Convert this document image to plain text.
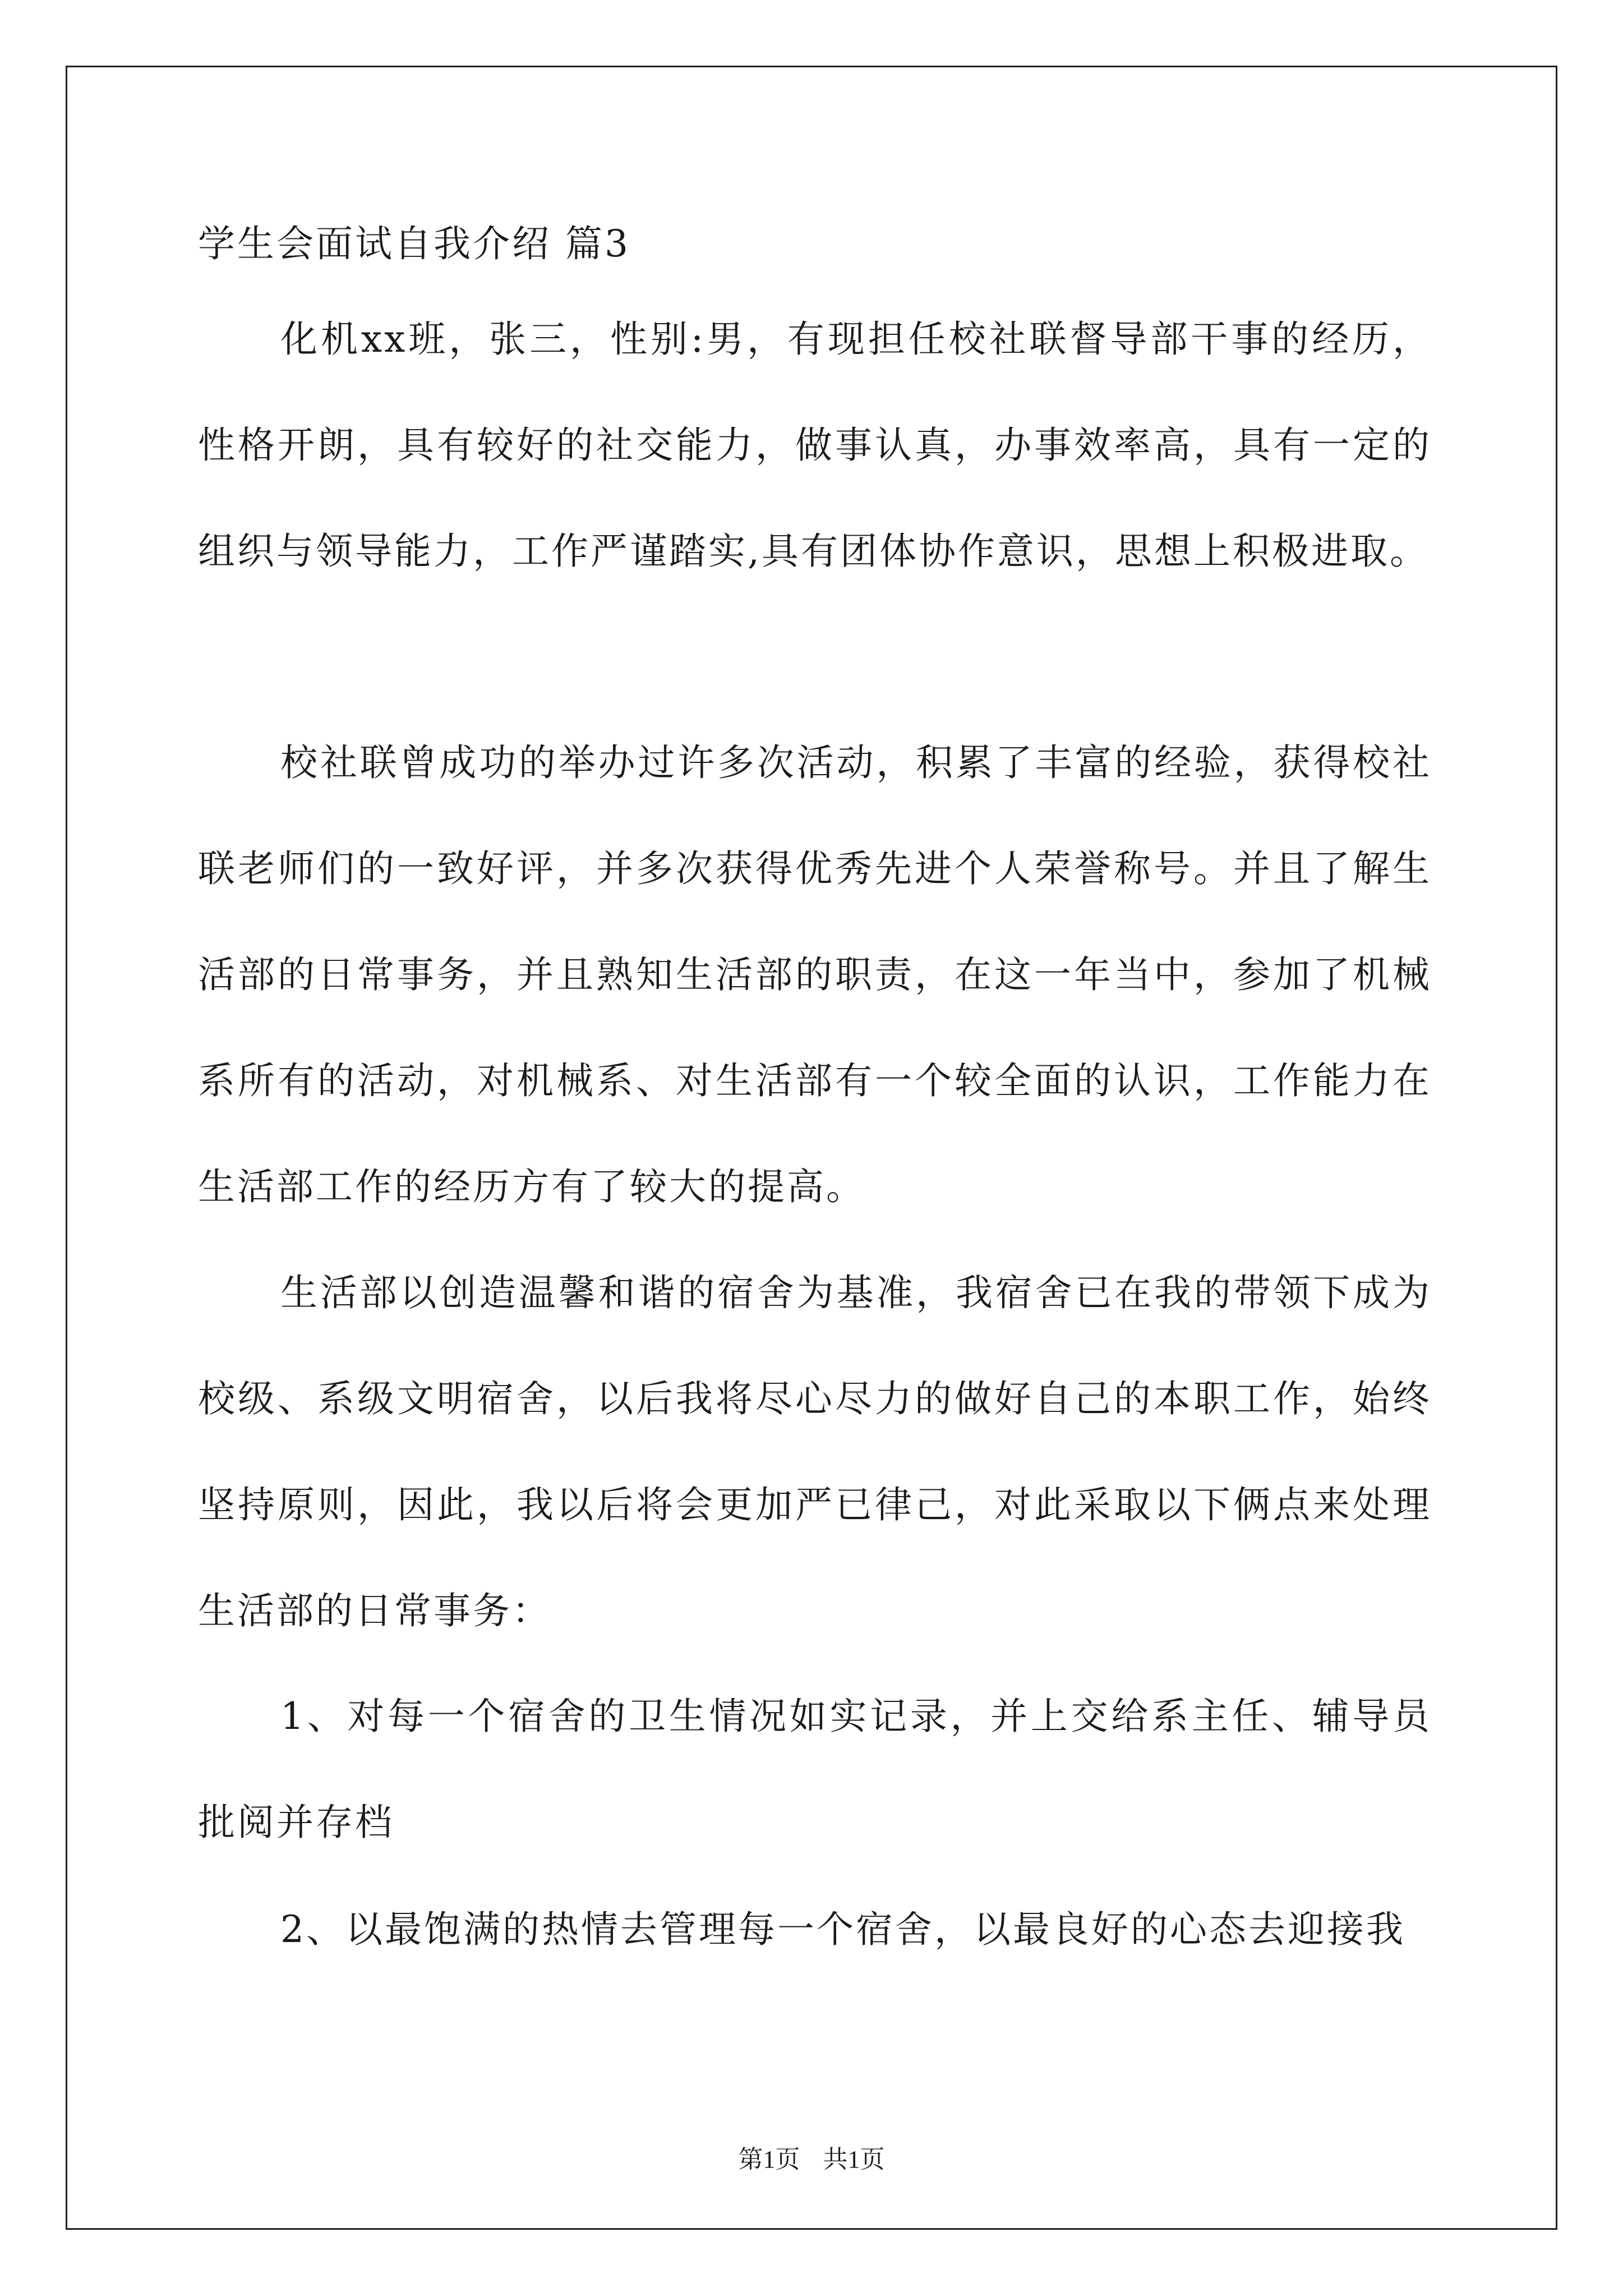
学生会面试自我介绍 篇3

化机xx班，张三，性别:男，有现担任校社联督导部干事的经历，性格开朗，具有较好的社交能力，做事认真，办事效率高，具有一定的组织与领导能力，工作严谨踏实,具有团体协作意识，思想上积极进取。

校社联曾成功的举办过许多次活动，积累了丰富的经验，获得校社联老师们的一致好评，并多次获得优秀先进个人荣誉称号。并且了解生活部的日常事务，并且熟知生活部的职责，在这一年当中，参加了机械系所有的活动，对机械系、对生活部有一个较全面的认识，工作能力在生活部工作的经历方有了较大的提高。

生活部以创造温馨和谐的宿舍为基准，我宿舍已在我的带领下成为校级、系级文明宿舍，以后我将尽心尽力的做好自己的本职工作，始终坚持原则，因此，我以后将会更加严已律己，对此采取以下俩点来处理生活部的日常事务：

1、对每一个宿舍的卫生情况如实记录，并上交给系主任、辅导员批阅并存档

2、以最饱满的热情去管理每一个宿舍，以最良好的心态去迎接我

第1页 共1页
